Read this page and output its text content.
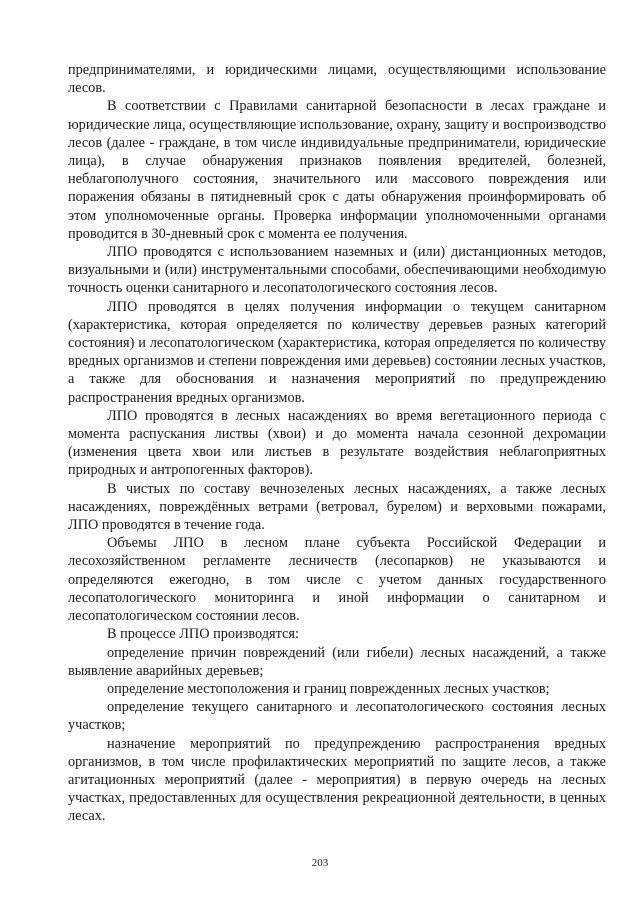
предпринимателями, и юридическими лицами, осуществляющими использование лесов.

В соответствии с Правилами санитарной безопасности в лесах граждане и юридические лица, осуществляющие использование, охрану, защиту и воспроизводство лесов (далее - граждане, в том числе индивидуальные предприниматели, юридические лица), в случае обнаружения признаков появления вредителей, болезней, неблагополучного состояния, значительного или массового повреждения или поражения обязаны в пятидневный срок с даты обнаружения проинформировать об этом уполномоченные органы. Проверка информации уполномоченными органами проводится в 30-дневный срок с момента ее получения.

ЛПО проводятся с использованием наземных и (или) дистанционных методов, визуальными и (или) инструментальными способами, обеспечивающими необходимую точность оценки санитарного и лесопатологического состояния лесов.

ЛПО проводятся в целях получения информации о текущем санитарном (характеристика, которая определяется по количеству деревьев разных категорий состояния) и лесопатологическом (характеристика, которая определяется по количеству вредных организмов и степени повреждения ими деревьев) состоянии лесных участков, а также для обоснования и назначения мероприятий по предупреждению распространения вредных организмов.

ЛПО проводятся в лесных насаждениях во время вегетационного периода с момента распускания листвы (хвои) и до момента начала сезонной дехромации (изменения цвета хвои или листьев в результате воздействия неблагоприятных природных и антропогенных факторов).

В чистых по составу вечнозеленых лесных насаждениях, а также лесных насаждениях, повреждённых ветрами (ветровал, бурелом) и верховыми пожарами, ЛПО проводятся в течение года.

Объемы ЛПО в лесном плане субъекта Российской Федерации и лесохозяйственном регламенте лесничеств (лесопарков) не указываются и определяются ежегодно, в том числе с учетом данных государственного лесопатологического мониторинга и иной информации о санитарном и лесопатологическом состоянии лесов.

В процессе ЛПО производятся:

определение причин повреждений (или гибели) лесных насаждений, а также выявление аварийных деревьев;

определение местоположения и границ поврежденных лесных участков;

определение текущего санитарного и лесопатологического состояния лесных участков;

назначение мероприятий по предупреждению распространения вредных организмов, в том числе профилактических мероприятий по защите лесов, а также агитационных мероприятий (далее - мероприятия) в первую очередь на лесных участках, предоставленных для осуществления рекреационной деятельности, в ценных лесах.

203
